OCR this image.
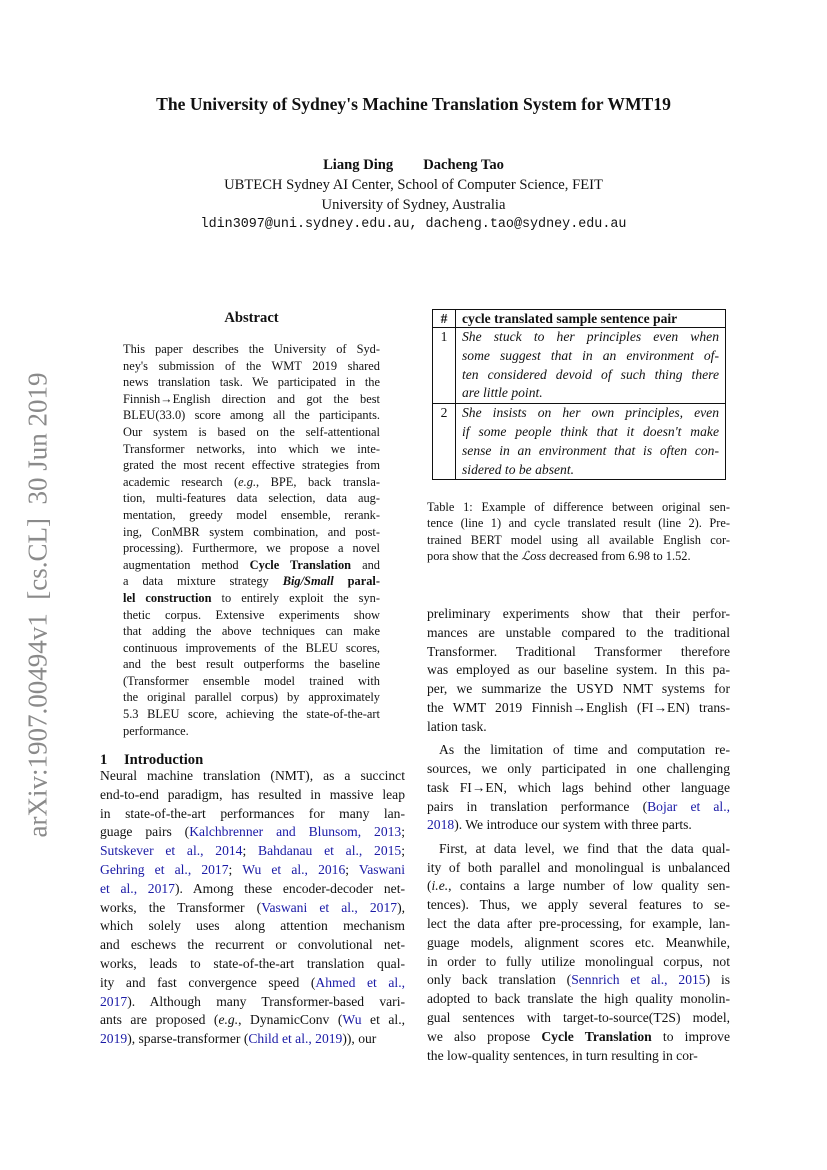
arXiv:1907.00494v1  [cs.CL]  30 Jun 2019
The University of Sydney's Machine Translation System for WMT19
Liang Ding Dacheng Tao
UBTECH Sydney AI Center, School of Computer Science, FEIT
University of Sydney, Australia
ldin3097@uni.sydney.edu.au, dacheng.tao@sydney.edu.au
Abstract
This paper describes the University of Syd-
ney's submission of the WMT 2019 shared
news translation task. We participated in the
Finnish→English direction and got the best
BLEU(33.0) score among all the participants.
Our system is based on the self-attentional
Transformer networks, into which we inte-
grated the most recent effective strategies from
academic research (e.g., BPE, back transla-
tion, multi-features data selection, data aug-
mentation, greedy model ensemble, rerank-
ing, ConMBR system combination, and post-
processing). Furthermore, we propose a novel
augmentation method Cycle Translation and
a data mixture strategy Big/Small paral-
lel construction to entirely exploit the syn-
thetic corpus. Extensive experiments show
that adding the above techniques can make
continuous improvements of the BLEU scores,
and the best result outperforms the baseline
(Transformer ensemble model trained with
the original parallel corpus) by approximately
5.3 BLEU score, achieving the state-of-the-art
performance.
1 Introduction
Neural machine translation (NMT), as a succinct
end-to-end paradigm, has resulted in massive leap
in state-of-the-art performances for many lan-
guage pairs (Kalchbrenner and Blunsom, 2013;
Sutskever et al., 2014; Bahdanau et al., 2015;
Gehring et al., 2017; Wu et al., 2016; Vaswani
et al., 2017). Among these encoder-decoder net-
works, the Transformer (Vaswani et al., 2017),
which solely uses along attention mechanism
and eschews the recurrent or convolutional net-
works, leads to state-of-the-art translation qual-
ity and fast convergence speed (Ahmed et al.,
2017). Although many Transformer-based vari-
ants are proposed (e.g., DynamicConv (Wu et al.,
2019), sparse-transformer (Child et al., 2019)), our
#	cycle translated sample sentence pair
1	She stuck to her principles even when
some suggest that in an environment of-
ten considered devoid of such thing there
are little point.

2	She insists on her own principles, even
if some people think that it doesn't make
sense in an environment that is often con-
sidered to be absent.
Table 1: Example of difference between original sen-
tence (line 1) and cycle translated result (line 2). Pre-
trained BERT model using all available English cor-
pora show that the ℒoss decreased from 6.98 to 1.52.
preliminary experiments show that their perfor-
mances are unstable compared to the traditional
Transformer. Traditional Transformer therefore
was employed as our baseline system. In this pa-
per, we summarize the USYD NMT systems for
the WMT 2019 Finnish→English (FI→EN) trans-
lation task.
As the limitation of time and computation re-
sources, we only participated in one challenging
task FI→EN, which lags behind other language
pairs in translation performance (Bojar et al.,
2018). We introduce our system with three parts.
First, at data level, we find that the data qual-
ity of both parallel and monolingual is unbalanced
(i.e., contains a large number of low quality sen-
tences). Thus, we apply several features to se-
lect the data after pre-processing, for example, lan-
guage models, alignment scores etc. Meanwhile,
in order to fully utilize monolingual corpus, not
only back translation (Sennrich et al., 2015) is
adopted to back translate the high quality monolin-
gual sentences with target-to-source(T2S) model,
we also propose Cycle Translation to improve
the low-quality sentences, in turn resulting in cor-
